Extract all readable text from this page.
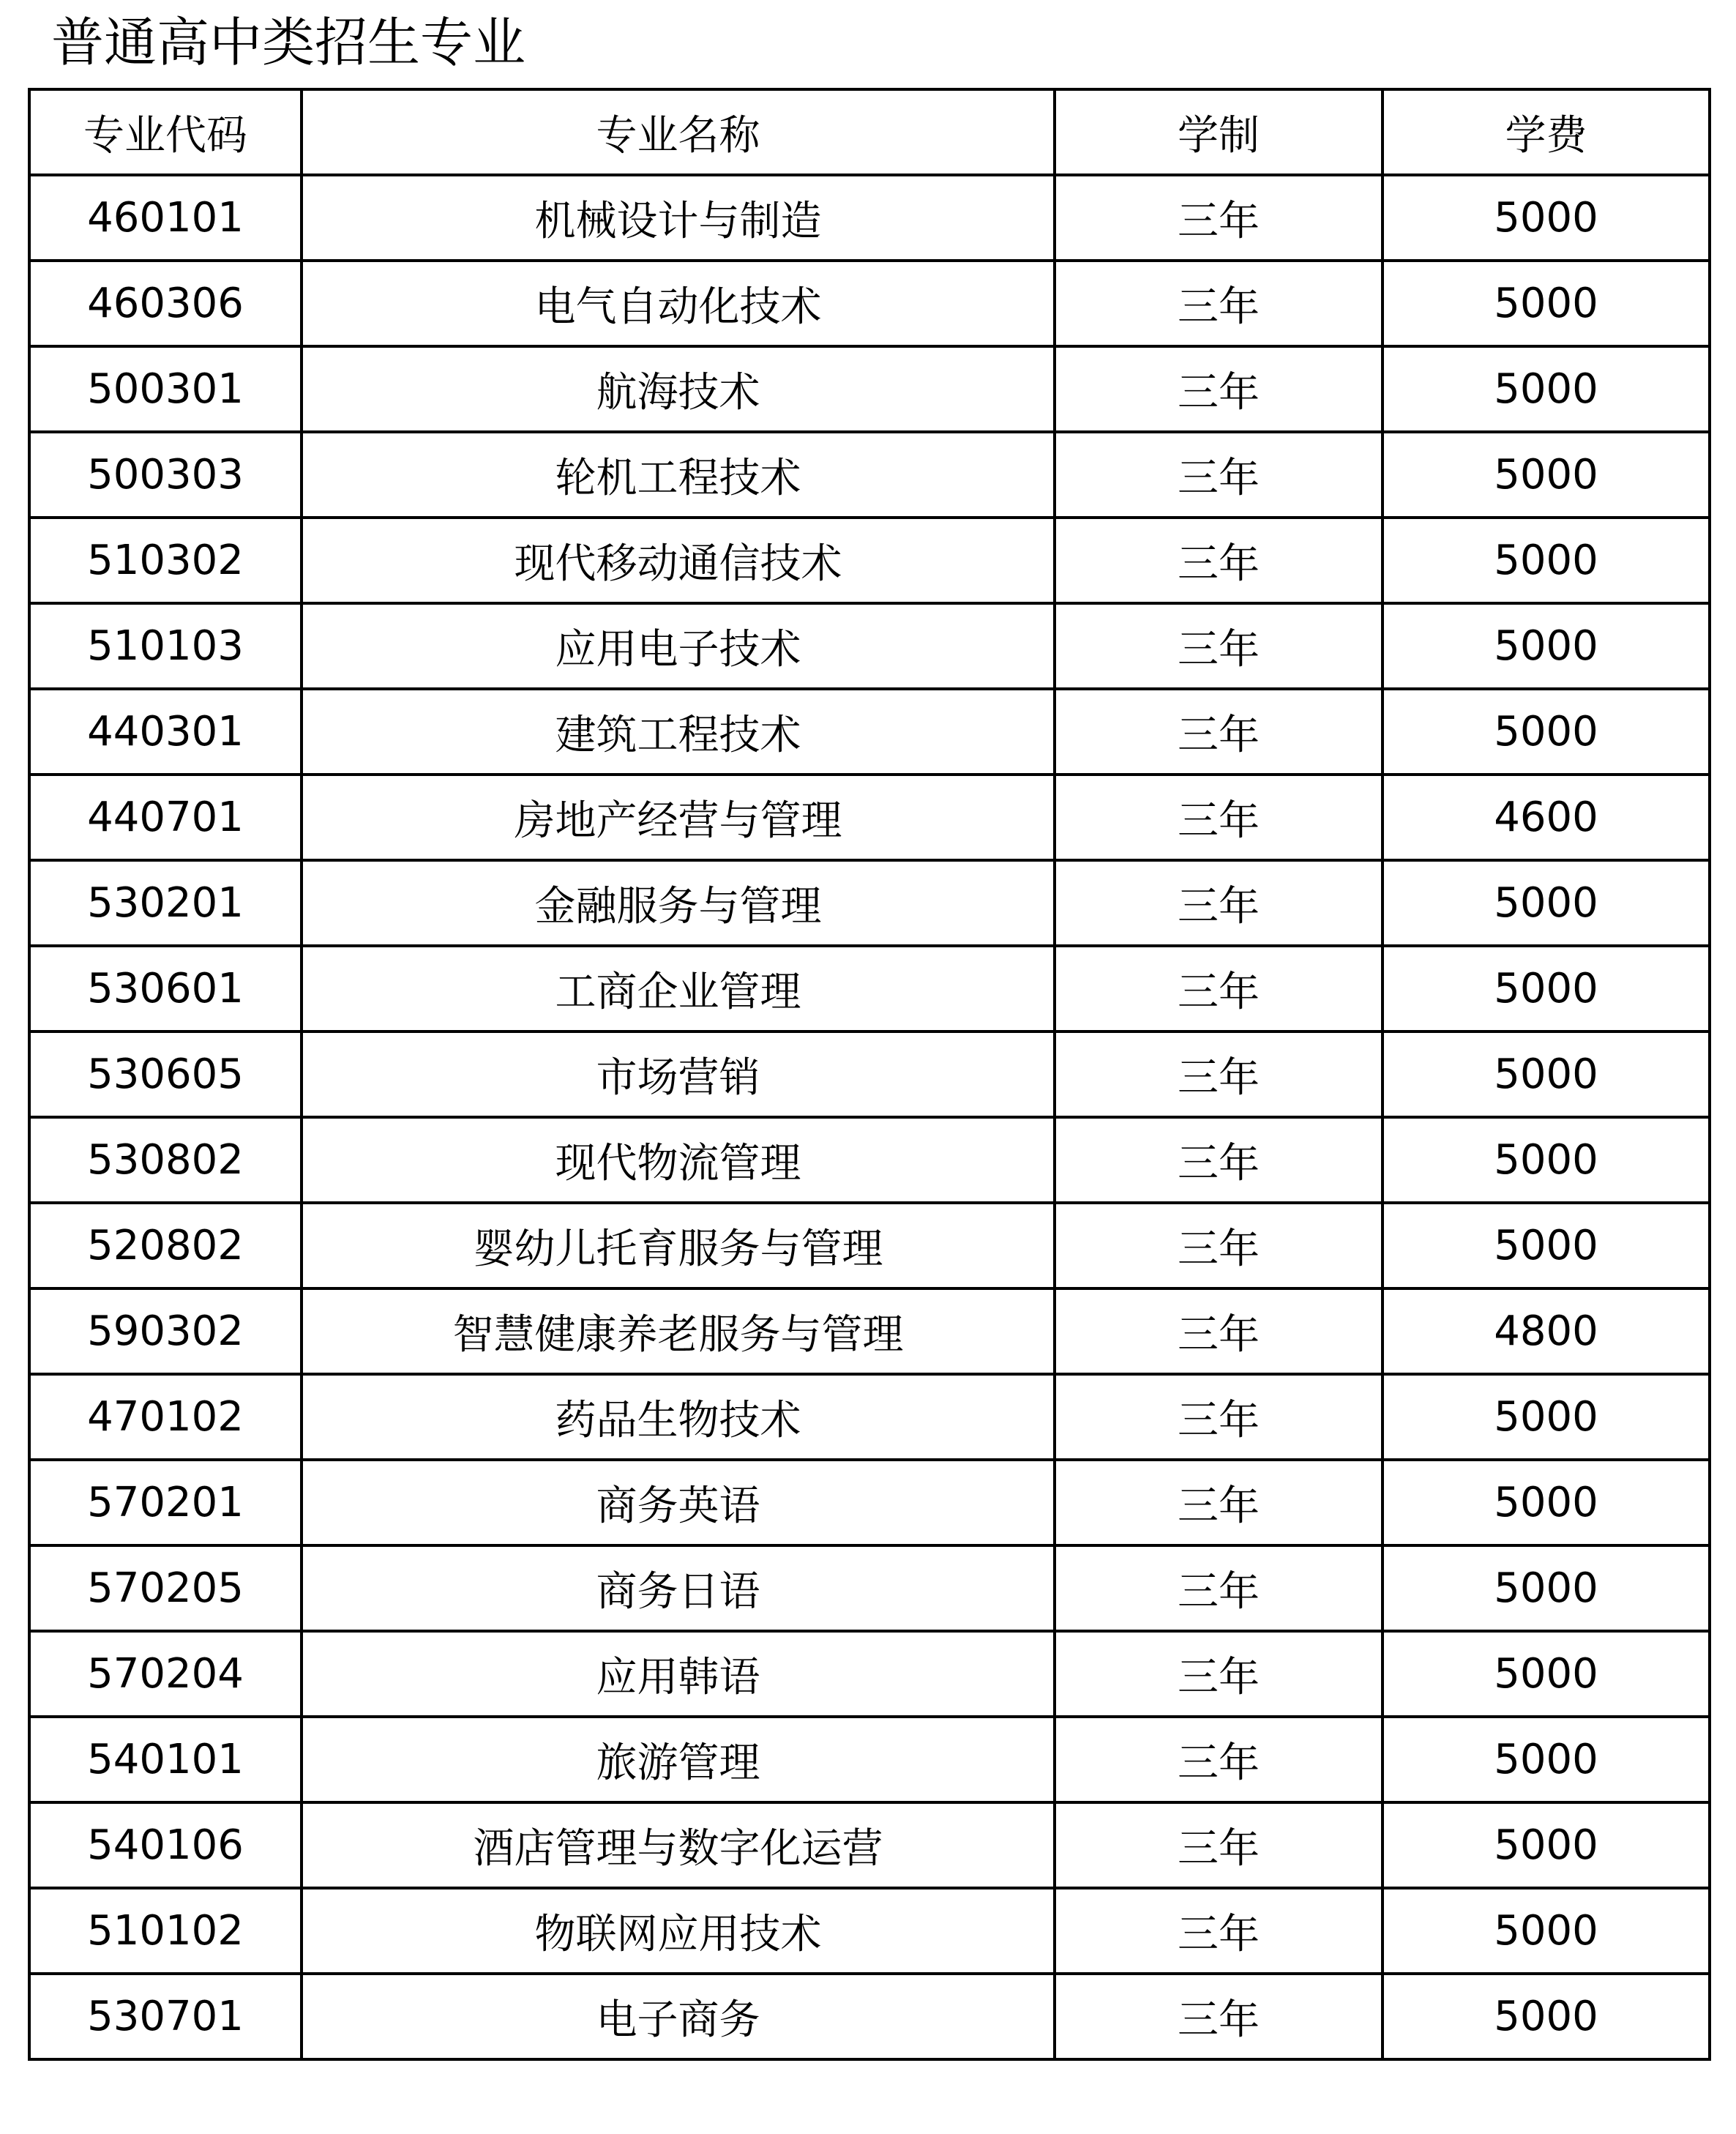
普通高中类招生专业
专业代码	专业名称	学制	学费
460101	机械设计与制造	三年	5000
460306	电气自动化技术	三年	5000
500301	航海技术	三年	5000
500303	轮机工程技术	三年	5000
510302	现代移动通信技术	三年	5000
510103	应用电子技术	三年	5000
440301	建筑工程技术	三年	5000
440701	房地产经营与管理	三年	4600
530201	金融服务与管理	三年	5000
530601	工商企业管理	三年	5000
530605	市场营销	三年	5000
530802	现代物流管理	三年	5000
520802	婴幼儿托育服务与管理	三年	5000
590302	智慧健康养老服务与管理	三年	4800
470102	药品生物技术	三年	5000
570201	商务英语	三年	5000
570205	商务日语	三年	5000
570204	应用韩语	三年	5000
540101	旅游管理	三年	5000
540106	酒店管理与数字化运营	三年	5000
510102	物联网应用技术	三年	5000
530701	电子商务	三年	5000
